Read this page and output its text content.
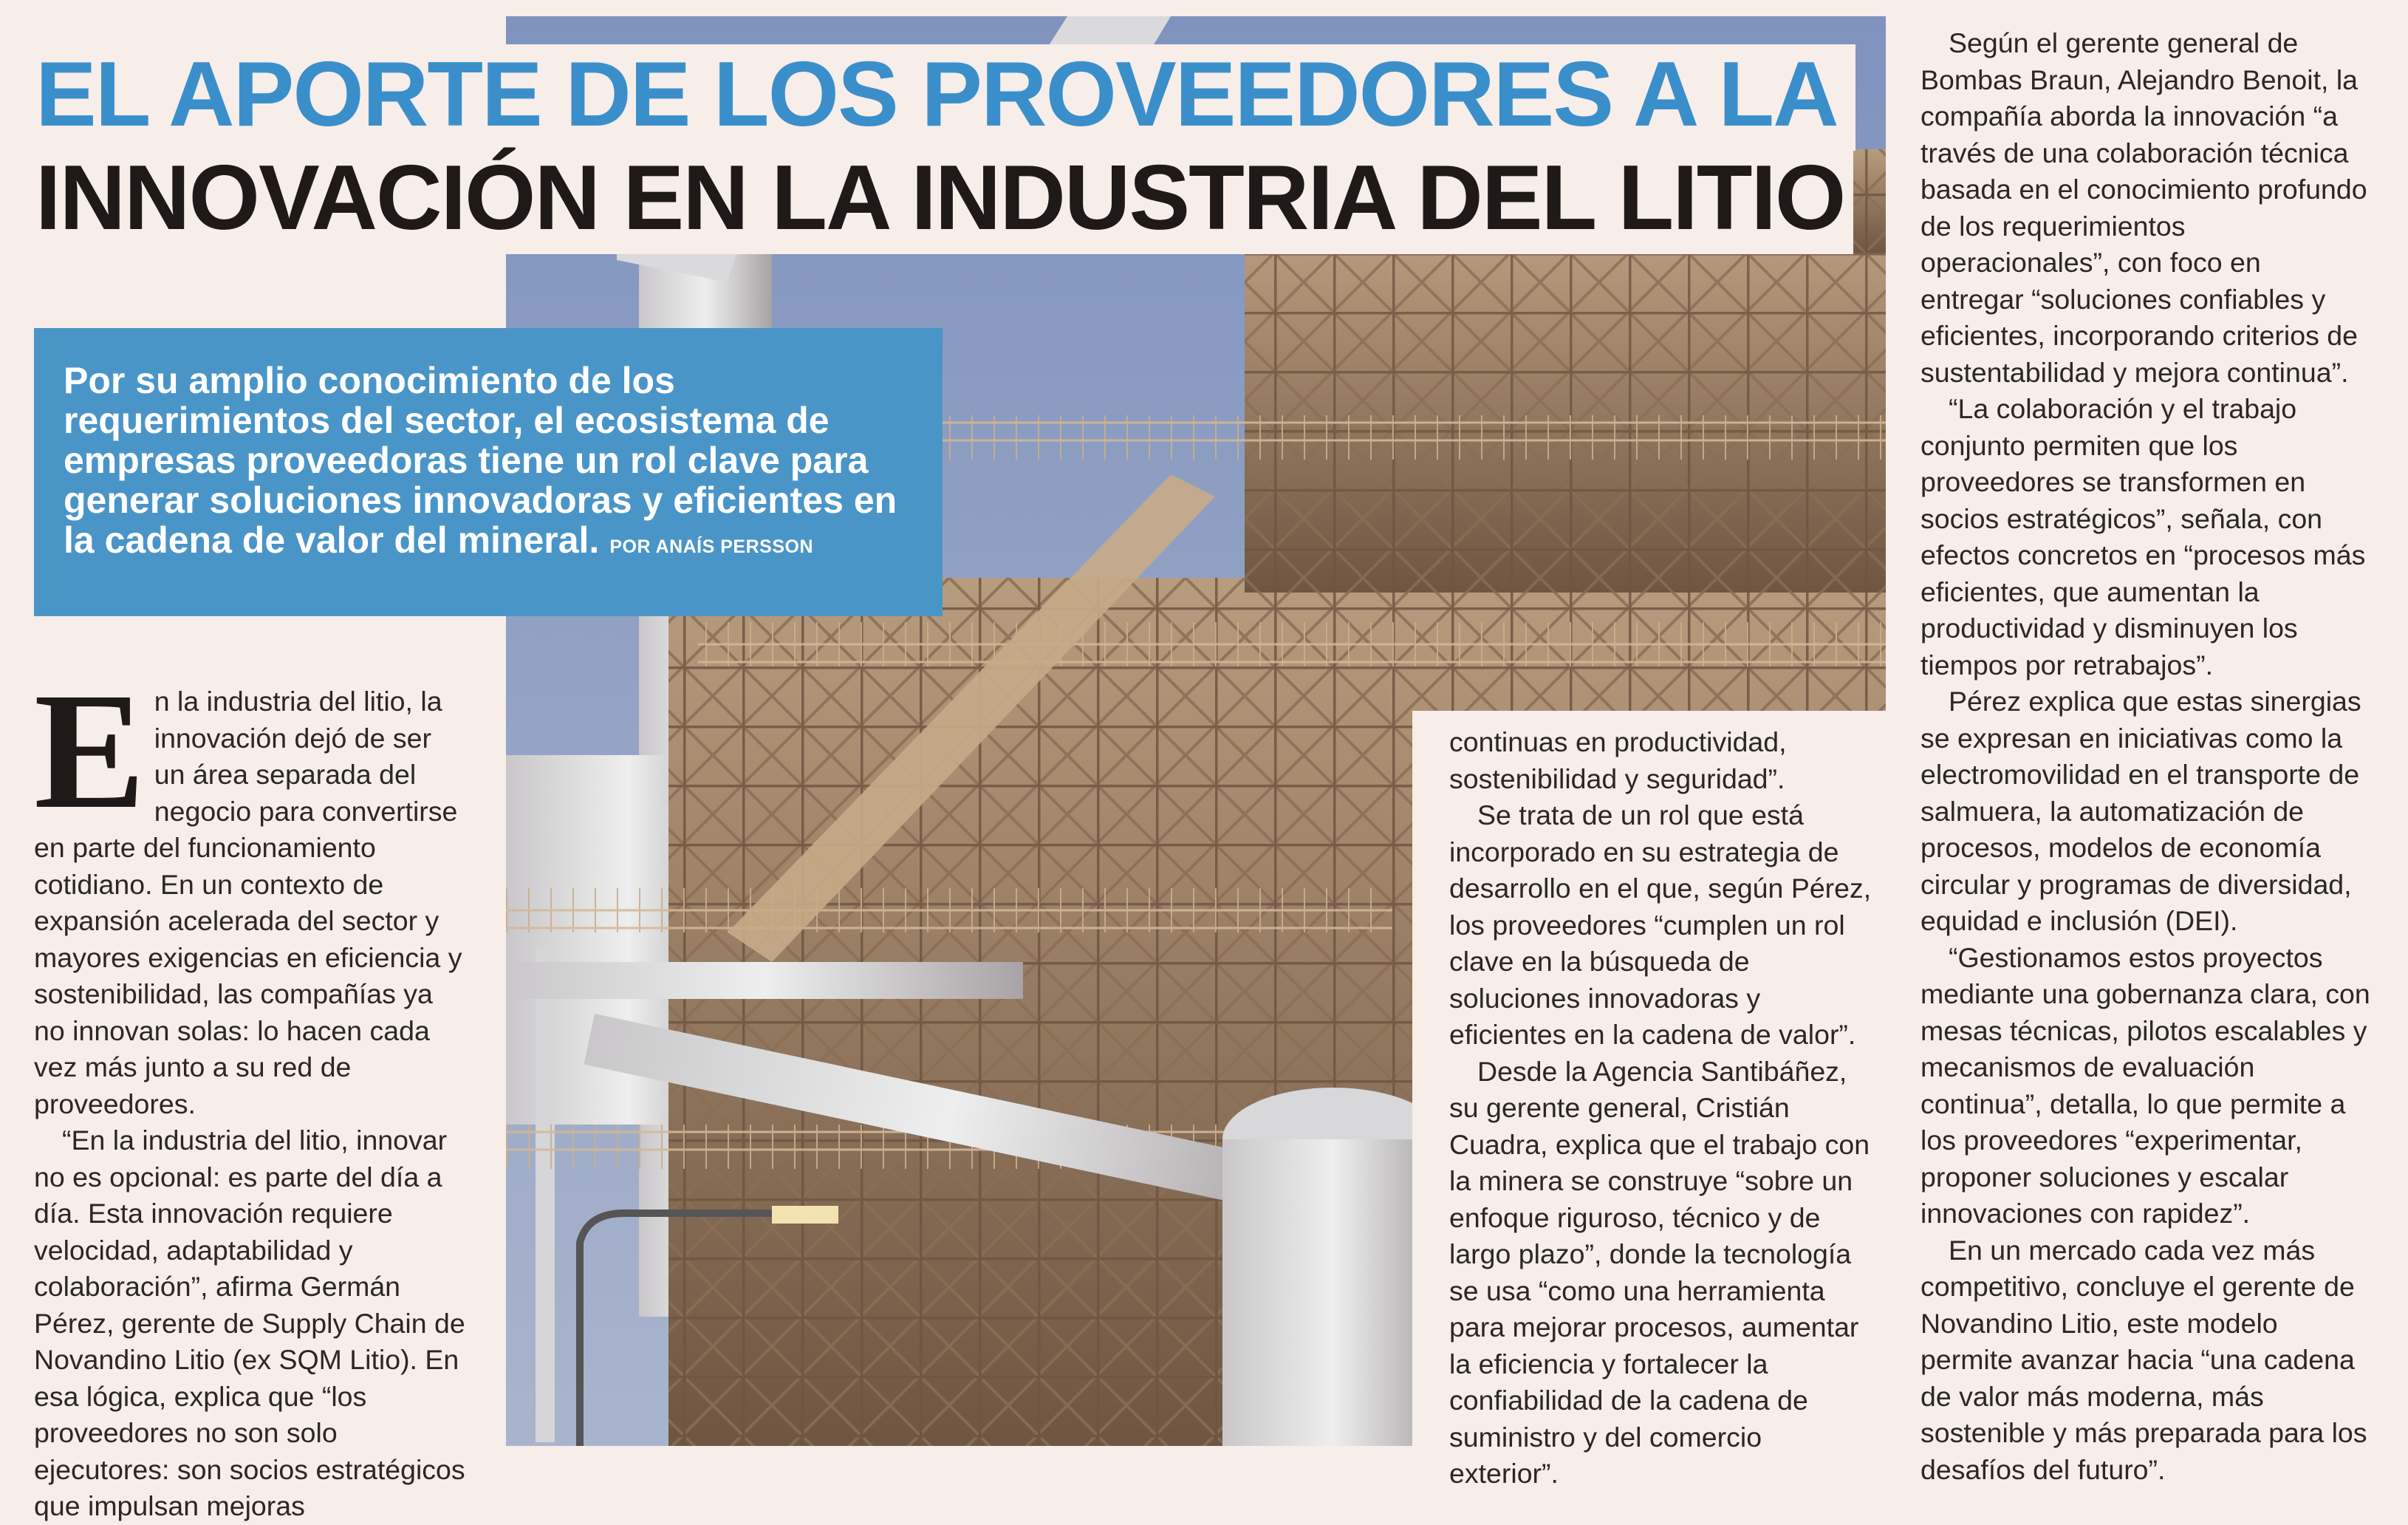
EL APORTE DE LOS PROVEEDORES A LA
INNOVACIÓN EN LA INDUSTRIA DEL LITIO

Por su amplio conocimiento de los requerimientos del sector, el ecosistema de empresas proveedoras tiene un rol clave para generar soluciones innovadoras y eficientes en la cadena de valor del mineral. POR ANAÍS PERSSON

En la industria del litio, la innovación dejó de ser un área separada del negocio para convertirse en parte del funcionamiento cotidiano. En un contexto de expansión acelerada del sector y mayores exigencias en eficiencia y sostenibilidad, las compañías ya no innovan solas: lo hacen cada vez más junto a su red de proveedores.

“En la industria del litio, innovar no es opcional: es parte del día a día. Esta innovación requiere velocidad, adaptabilidad y colaboración”, afirma Germán Pérez, gerente de Supply Chain de Novandino Litio (ex SQM Litio). En esa lógica, explica que “los proveedores no son solo ejecutores: son socios estratégicos que impulsan mejoras

continuas en productividad, sostenibilidad y seguridad”.

Se trata de un rol que está incorporado en su estrategia de desarrollo en el que, según Pérez, los proveedores “cumplen un rol clave en la búsqueda de soluciones innovadoras y eficientes en la cadena de valor”.

Desde la Agencia Santibáñez, su gerente general, Cristián Cuadra, explica que el trabajo con la minera se construye “sobre un enfoque riguroso, técnico y de largo plazo”, donde la tecnología se usa “como una herramienta para mejorar procesos, aumentar la eficiencia y fortalecer la confiabilidad de la cadena de suministro y del comercio exterior”.

Según el gerente general de Bombas Braun, Alejandro Benoit, la compañía aborda la innovación “a través de una colaboración técnica basada en el conocimiento profundo de los requerimientos operacionales”, con foco en entregar “soluciones confiables y eficientes, incorporando criterios de sustentabilidad y mejora continua”.

“La colaboración y el trabajo conjunto permiten que los proveedores se transformen en socios estratégicos”, señala, con efectos concretos en “procesos más eficientes, que aumentan la productividad y disminuyen los tiempos por retrabajos”.

Pérez explica que estas sinergias se expresan en iniciativas como la electromovilidad en el transporte de salmuera, la automatización de procesos, modelos de economía circular y programas de diversidad, equidad e inclusión (DEI).

“Gestionamos estos proyectos mediante una gobernanza clara, con mesas técnicas, pilotos escalables y mecanismos de evaluación continua”, detalla, lo que permite a los proveedores “experimentar, proponer soluciones y escalar innovaciones con rapidez”.

En un mercado cada vez más competitivo, concluye el gerente de Novandino Litio, este modelo permite avanzar hacia “una cadena de valor más moderna, más sostenible y más preparada para los desafíos del futuro”.
